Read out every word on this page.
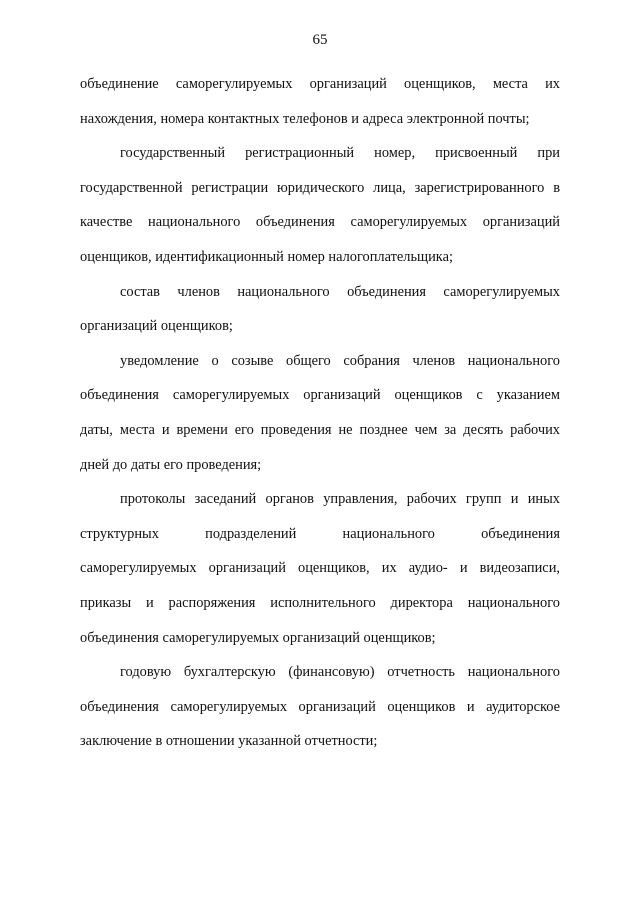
65

объединение саморегулируемых организаций оценщиков, места их
нахождения, номера контактных телефонов и адреса электронной почты;

государственный регистрационный номер, присвоенный при
государственной регистрации юридического лица, зарегистрированного в
качестве национального объединения саморегулируемых организаций
оценщиков, идентификационный номер налогоплательщика;

состав членов национального объединения саморегулируемых
организаций оценщиков;

уведомление о созыве общего собрания членов национального
объединения саморегулируемых организаций оценщиков с указанием
даты, места и времени его проведения не позднее чем за десять рабочих
дней до даты его проведения;

протоколы заседаний органов управления, рабочих групп и иных
структурных подразделений национального объединения
саморегулируемых организаций оценщиков, их аудио- и видеозаписи,
приказы и распоряжения исполнительного директора национального
объединения саморегулируемых организаций оценщиков;

годовую бухгалтерскую (финансовую) отчетность национального
объединения саморегулируемых организаций оценщиков и аудиторское
заключение в отношении указанной отчетности;
